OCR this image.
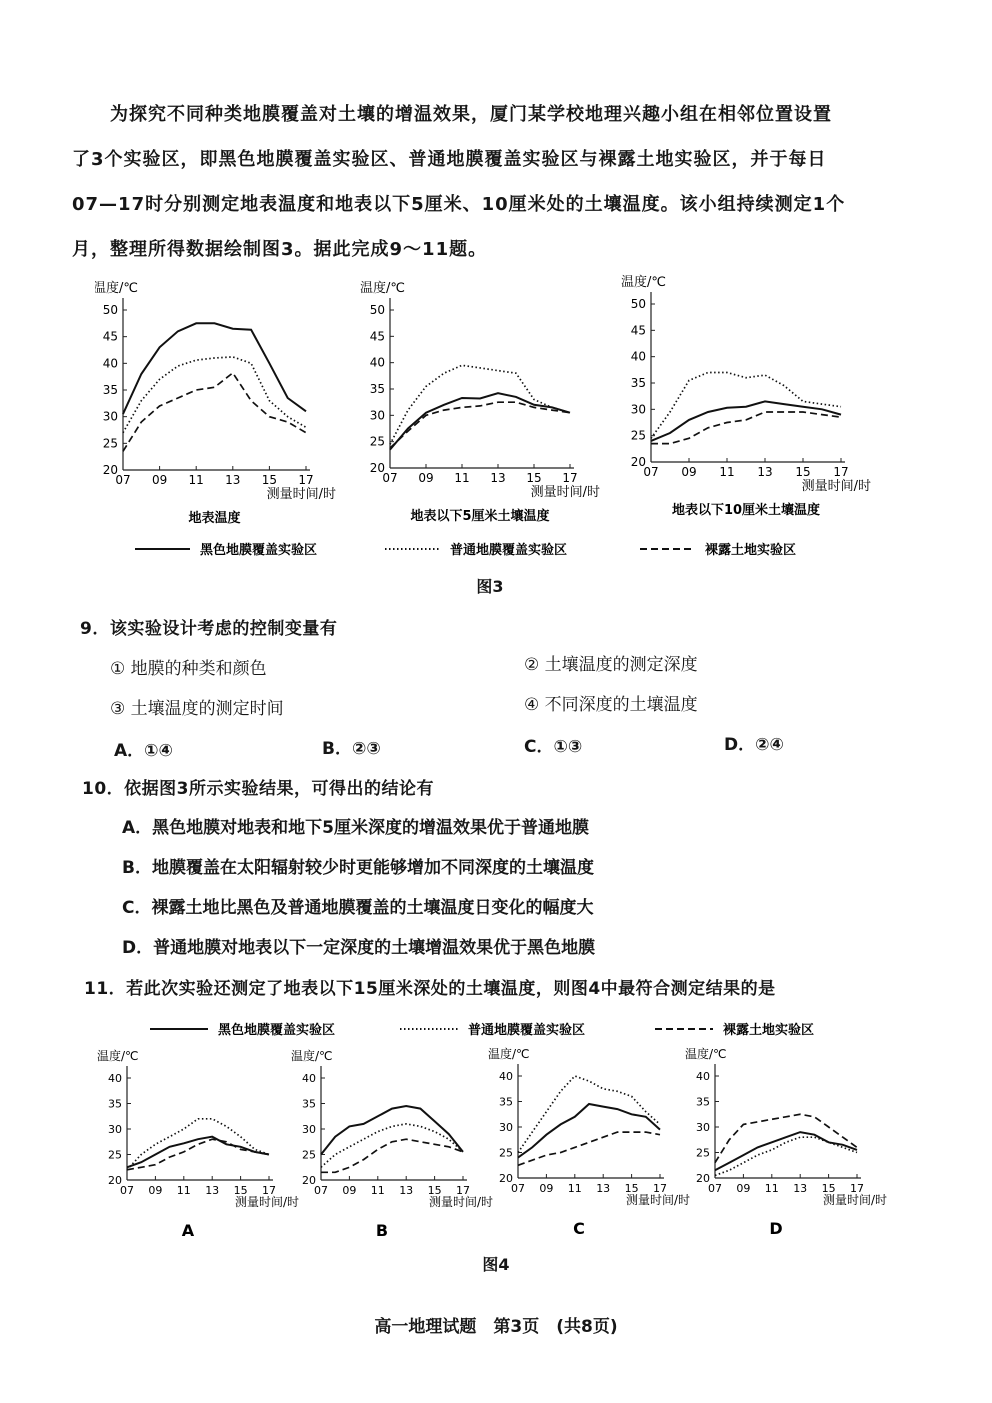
为探究不同种类地膜覆盖对土壤的增温效果，厦门某学校地理兴趣小组在相邻位置设置

了3个实验区，即黑色地膜覆盖实验区、普通地膜覆盖实验区与裸露土地实验区，并于每日

07—17时分别测定地表温度和地表以下5厘米、10厘米处的土壤温度。该小组持续测定1个

月，整理所得数据绘制图3。据此完成9～11题。

温度/℃
20
25
30
35
40
45
50
07 09 11 13 15 17
测量时间/时
地表温度
温度/℃
20
25
30
35
40
45
50
07 09 11 13 15 17
测量时间/时
地表以下5厘米土壤温度
温度/℃
20
25
30
35
40
45
50
07 09 11 13 15 17
测量时间/时
地表以下10厘米土壤温度
黑色地膜覆盖实验区	普通地膜覆盖实验区	裸露土地实验区
图3
9．该实验设计考虑的控制变量有
① 地膜的种类和颜色	② 土壤温度的测定深度
③ 土壤温度的测定时间	④ 不同深度的土壤温度
A．①④	B．②③	C．①③	D．②④
10．依据图3所示实验结果，可得出的结论有
A．黑色地膜对地表和地下5厘米深度的增温效果优于普通地膜
B．地膜覆盖在太阳辐射较少时更能够增加不同深度的土壤温度
C．裸露土地比黑色及普通地膜覆盖的土壤温度日变化的幅度大
D．普通地膜对地表以下一定深度的土壤增温效果优于黑色地膜
11．若此次实验还测定了地表以下15厘米深处的土壤温度，则图4中最符合测定结果的是
温度/℃
20
25
30
35
40
07 09 11 13 15 17
测量时间/时
A
温度/℃
20
25
30
35
40
07 09 11 13 15 17
测量时间/时
B
温度/℃
20
25
30
35
40
07 09 11 13 15 17
测量时间/时
C
温度/℃
20
25
30
35
40
07 09 11 13 15 17
测量时间/时
D
黑色地膜覆盖实验区	普通地膜覆盖实验区	裸露土地实验区
图4
高一地理试题　第3页　(共8页)
